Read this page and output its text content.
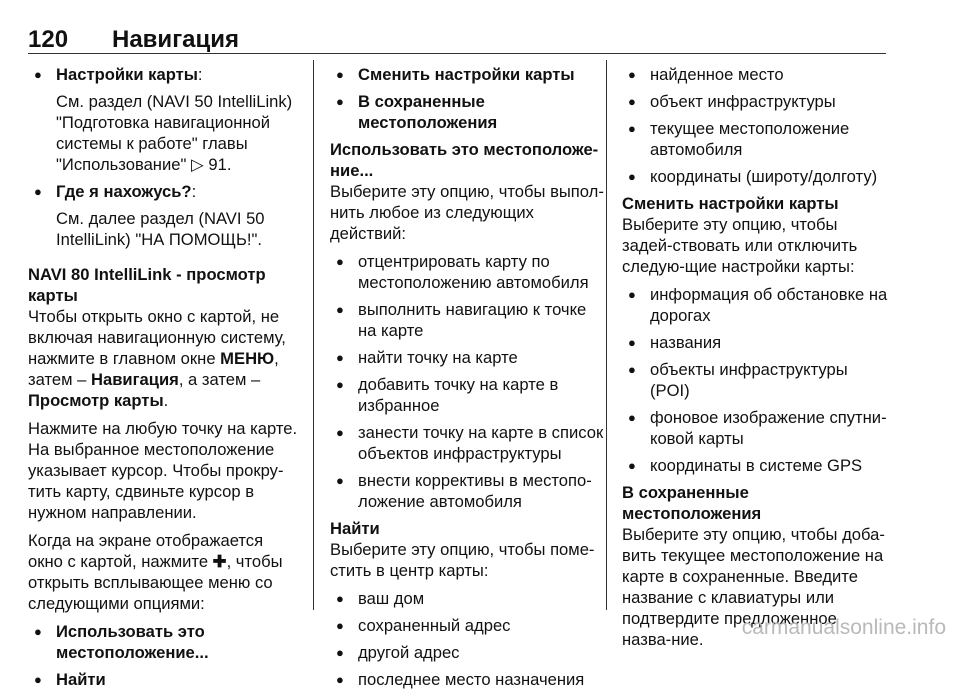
120 Навигация
● Настройки карты:
См. раздел (NAVI 50 IntelliLink) "Подготовка навигационной системы к работе" главы "Использование" ▷ 91.
● Где я нахожусь?:
См. далее раздел (NAVI 50 IntelliLink) "НА ПОМОЩЬ!".

NAVI 80 IntelliLink - просмотр карты

Чтобы открыть окно с картой, не включая навигационную систему, нажмите в главном окне МЕНЮ, затем – Навигация, а затем – Просмотр карты.

Нажмите на любую точку на карте. На выбранное местоположение указывает курсор. Чтобы прокру-тить карту, сдвиньте курсор в нужном направлении.

Когда на экране отображается окно с картой, нажмите ✚, чтобы открыть всплывающее меню со следующими опциями:

● Использовать это местоположение...
● Найти
● Сменить настройки карты
● В сохраненные местоположения

Использовать это местоположе-ние...

Выберите эту опцию, чтобы выпол-нить любое из следующих действий:

● отцентрировать карту по местоположению автомобиля
● выполнить навигацию к точке на карте
● найти точку на карте
● добавить точку на карте в избранное
● занести точку на карте в список объектов инфраструктуры
● внести коррективы в местопо-ложение автомобиля

Найти

Выберите эту опцию, чтобы поме-стить в центр карты:

● ваш дом
● сохраненный адрес
● другой адрес
● последнее место назначения
● найденное место
● объект инфраструктуры
● текущее местоположение автомобиля
● координаты (широту/долготу)

Сменить настройки карты

Выберите эту опцию, чтобы задей-ствовать или отключить следую-щие настройки карты:

● информация об обстановке на дорогах
● названия
● объекты инфраструктуры (POI)
● фоновое изображение спутни-ковой карты
● координаты в системе GPS

В сохраненные местоположения

Выберите эту опцию, чтобы доба-вить текущее местоположение на карте в сохраненные. Введите название с клавиатуры или подтвердите предложенное назва-ние.

carmanualsonline.info
